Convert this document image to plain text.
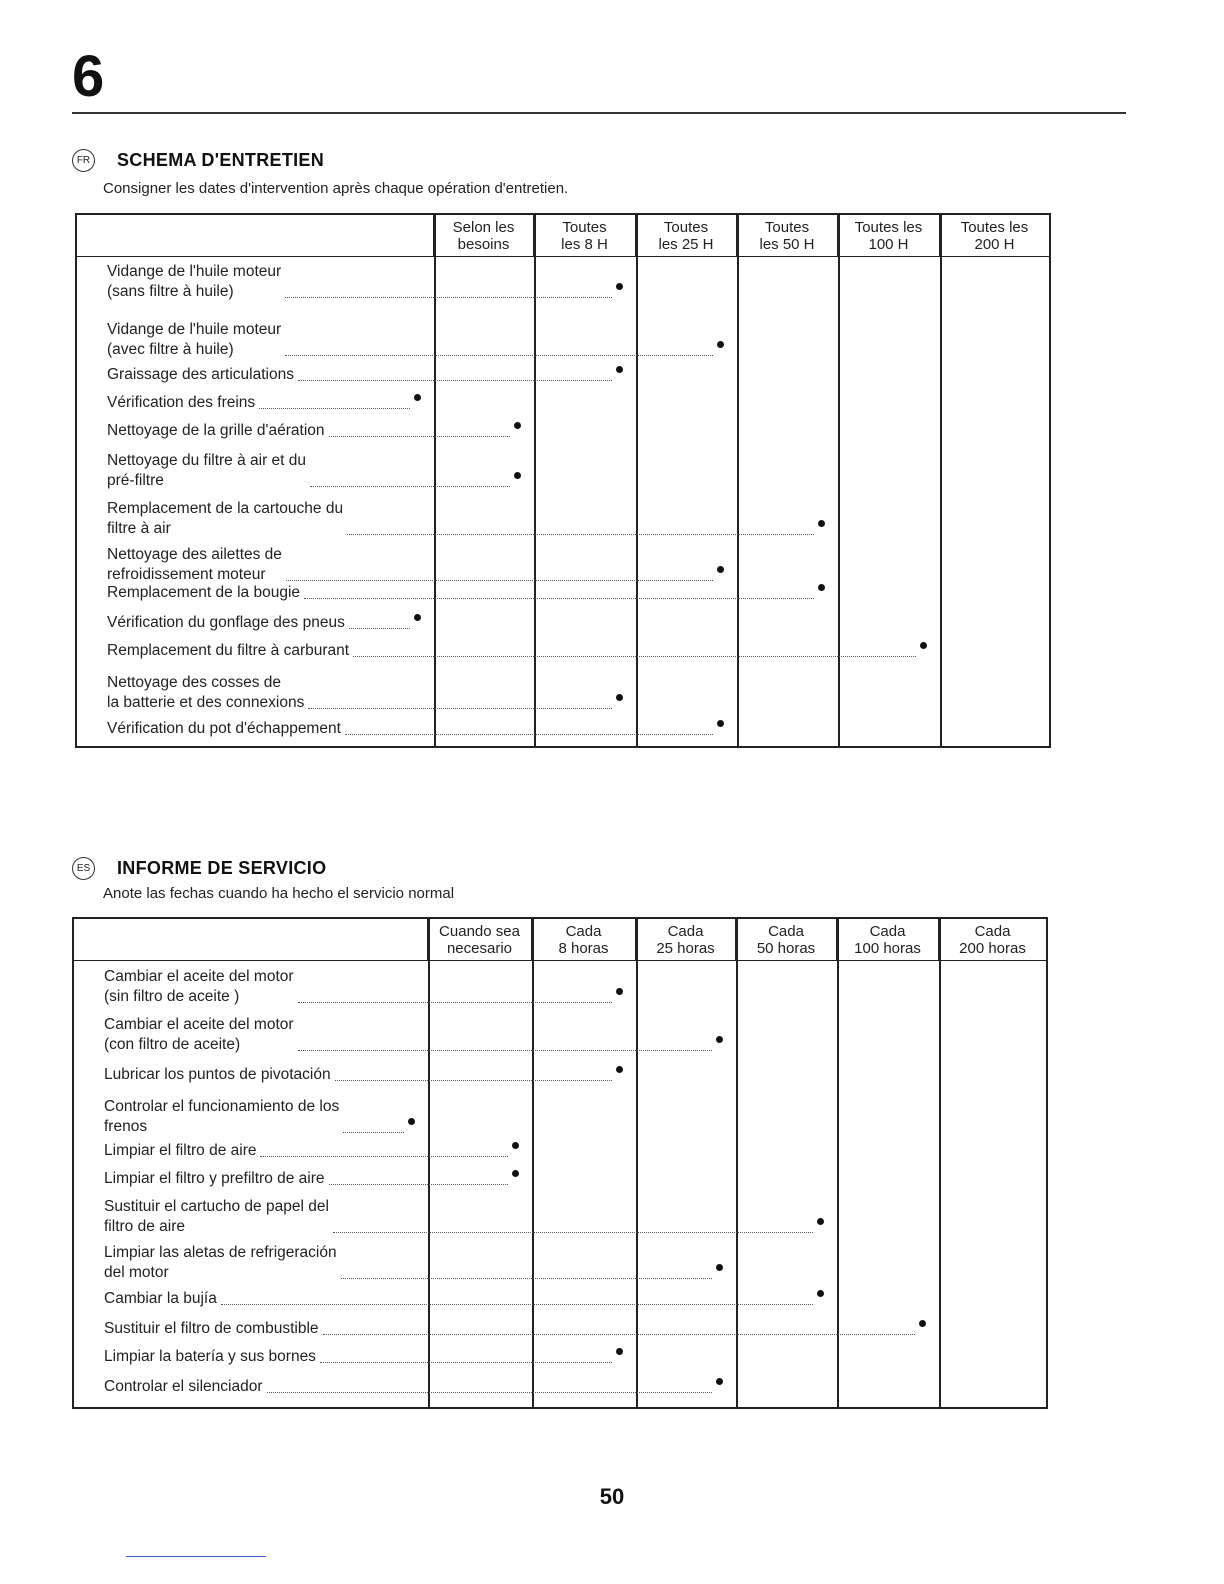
6
FR SCHEMA D'ENTRETIEN
Consigner les dates d'intervention après chaque opération d'entretien.
Selon les
besoins
Toutes
les 8 H
Toutes
les 25 H
Toutes
les 50 H
Toutes les
100 H
Toutes les
200 H
Vidange de l'huile moteur
(sans filtre à huile)
Vidange de l'huile moteur
(avec filtre à huile)
Graissage des articulations
Vérification des freins
Nettoyage de la grille d'aération
Nettoyage du filtre à air et du
pré-filtre
Remplacement de la cartouche du
filtre à air
Nettoyage des ailettes de
refroidissement moteur
Remplacement de la bougie
Vérification du gonflage des pneus
Remplacement du filtre à carburant
Nettoyage des cosses de
la batterie et des connexions
Vérification du pot d'échappement
ES INFORME DE SERVICIO
Anote las fechas cuando ha hecho el servicio normal
Cuando sea
necesario
Cada
8 horas
Cada
25 horas
Cada
50 horas
Cada
100 horas
Cada
200 horas
Cambiar el aceite del motor
(sin filtro de aceite )
Cambiar el aceite del motor
(con filtro de aceite)
Lubricar los puntos de pivotación
Controlar el funcionamiento de los
frenos
Limpiar el filtro de aire
Limpiar el filtro y prefiltro de aire
Sustituir el cartucho de papel del
filtro de aire
Limpiar las aletas de refrigeración
del motor
Cambiar la bujía
Sustituir el filtro de combustible
Limpiar la batería y sus bornes
Controlar el silenciador
50
